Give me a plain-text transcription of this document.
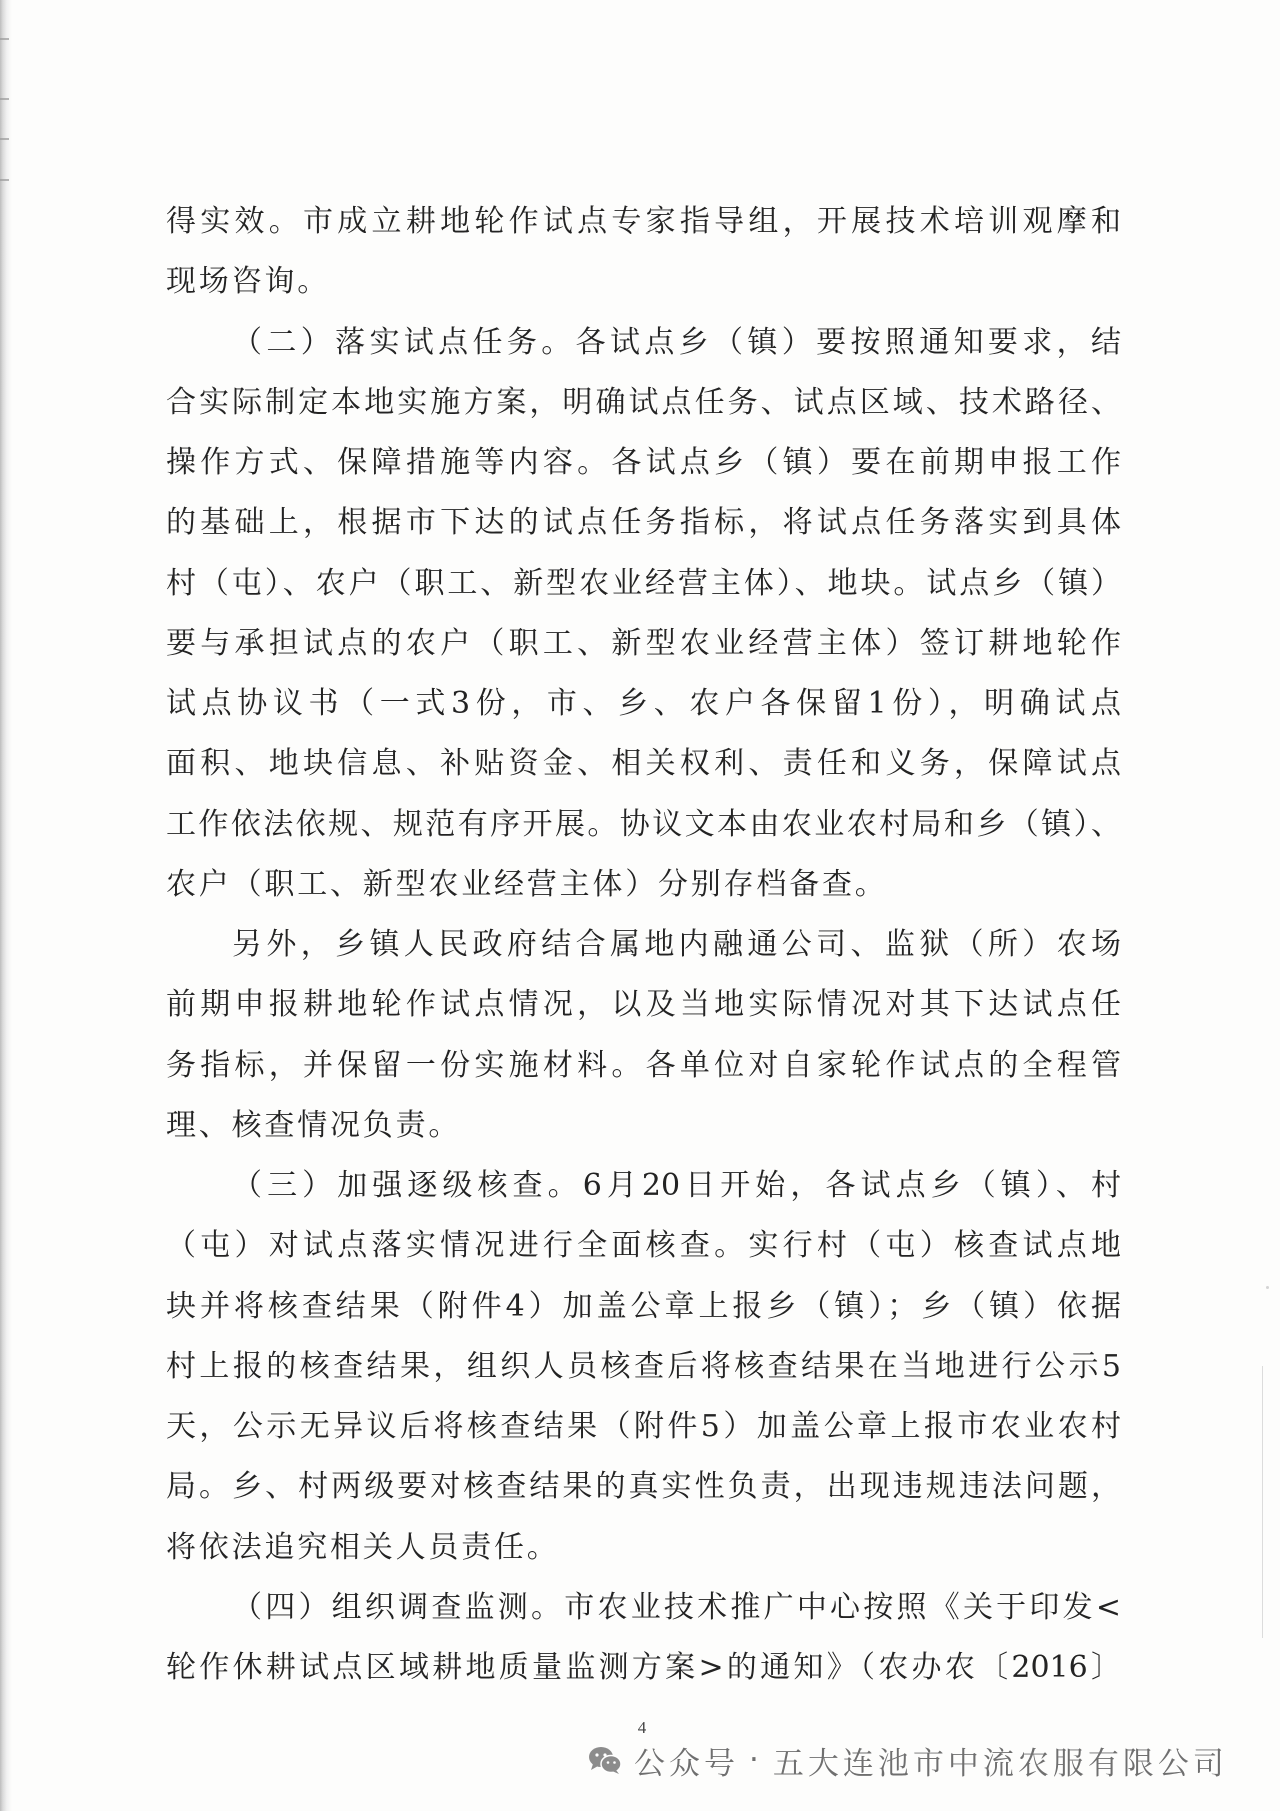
得实效。市成立耕地轮作试点专家指导组，开展技术培训观摩和
现场咨询。
（二）落实试点任务。各试点乡（镇）要按照通知要求，结
合实际制定本地实施方案，明确试点任务、试点区域、技术路径、
操作方式、保障措施等内容。各试点乡（镇）要在前期申报工作
的基础上，根据市下达的试点任务指标，将试点任务落实到具体
村（屯）、农户（职工、新型农业经营主体）、地块。试点乡（镇）
要与承担试点的农户（职工、新型农业经营主体）签订耕地轮作
试点协议书（一式3份，市、乡、农户各保留1份），明确试点
面积、地块信息、补贴资金、相关权利、责任和义务，保障试点
工作依法依规、规范有序开展。协议文本由农业农村局和乡（镇）、
农户（职工、新型农业经营主体）分别存档备查。
另外，乡镇人民政府结合属地内融通公司、监狱（所）农场
前期申报耕地轮作试点情况，以及当地实际情况对其下达试点任
务指标，并保留一份实施材料。各单位对自家轮作试点的全程管
理、核查情况负责。
（三）加强逐级核查。6月20日开始，各试点乡（镇）、村
（屯）对试点落实情况进行全面核查。实行村（屯）核查试点地
块并将核查结果（附件4）加盖公章上报乡（镇）；乡（镇）依据
村上报的核查结果，组织人员核查后将核查结果在当地进行公示5
天，公示无异议后将核查结果（附件5）加盖公章上报市农业农村
局。乡、村两级要对核查结果的真实性负责，出现违规违法问题，
将依法追究相关人员责任。
（四）组织调查监测。市农业技术推广中心按照《关于印发<
轮作休耕试点区域耕地质量监测方案>的通知》（农办农〔2016〕
4
公众号 · 五大连池市中流农服有限公司
